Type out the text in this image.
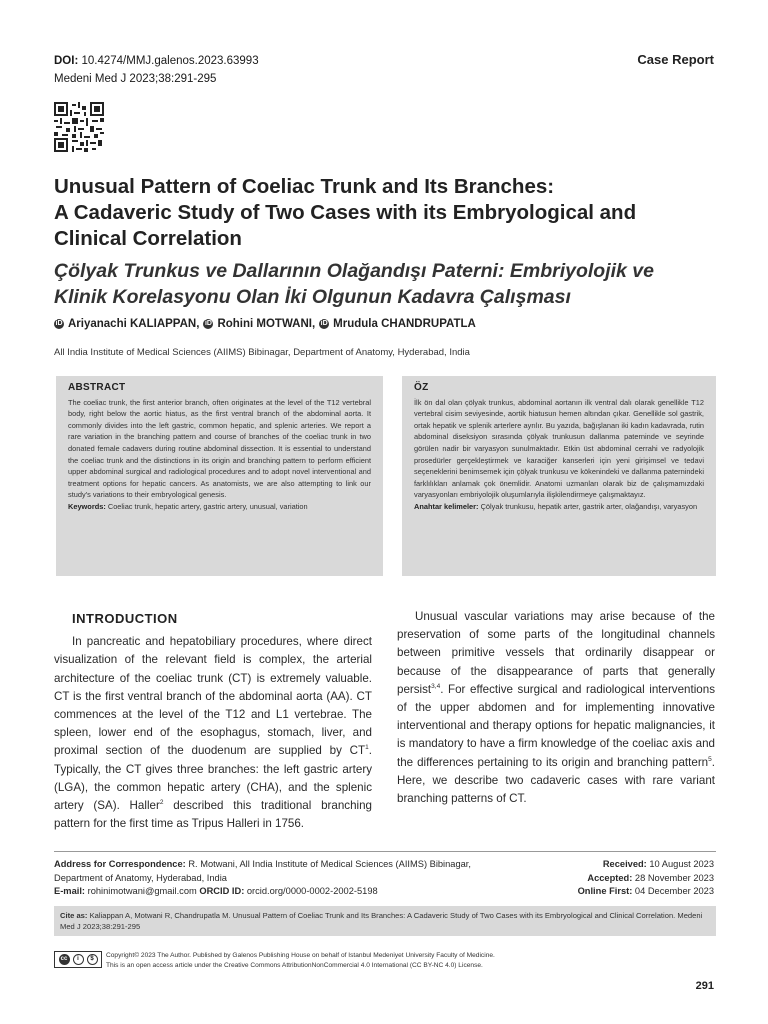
DOI: 10.4274/MMJ.galenos.2023.63993
Medeni Med J 2023;38:291-295
Case Report
Unusual Pattern of Coeliac Trunk and Its Branches:
A Cadaveric Study of Two Cases with its Embryological and
Clinical Correlation
Çölyak Trunkus ve Dallarının Olağandışı Paterni: Embriyolojik ve
Klinik Korelasyonu Olan İki Olgunun Kadavra Çalışması
iD Ariyanachi KALIAPPAN, iD Rohini MOTWANI, iD Mrudula CHANDRUPATLA
All India Institute of Medical Sciences (AIIMS) Bibinagar, Department of Anatomy, Hyderabad, India
ABSTRACT

The coeliac trunk, the first anterior branch, often originates at the level of the T12 vertebral body, right below the aortic hiatus, as the first ventral branch of the abdominal aorta. It commonly divides into the left gastric, common hepatic, and splenic arteries. We report a rare variation in the branching pattern and course of branches of the coeliac trunk in two donated female cadavers during routine abdominal dissection. It is essential to understand the coeliac trunk and the distinctions in its origin and branching pattern to perform efficient upper abdominal surgical and radiological procedures and to adopt novel interventional and treatment options for hepatic cancers. As anatomists, we are also attempting to link our study's variations to their embryological genesis.

Keywords: Coeliac trunk, hepatic artery, gastric artery, unusual, variation

ÖZ

İlk ön dal olan çölyak trunkus, abdominal aortanın ilk ventral dalı olarak genellikle T12 vertebral cisim seviyesinde, aortik hiatusun hemen altından çıkar. Genellikle sol gastrik, ortak hepatik ve splenik arterlere ayrılır. Bu yazıda, bağışlanan iki kadın kadavrada, rutin abdominal diseksiyon sırasında çölyak trunkusun dallanma paterninde ve seyrinde görülen nadir bir varyasyon sunulmaktadır. Etkin üst abdominal cerrahi ve radyolojik prosedürler gerçekleştirmek ve karaciğer kanserleri için yeni girişimsel ve tedavi seçeneklerini benimsemek için çölyak trunkusu ve kökenindeki ve dallanma paternindeki farklılıkları anlamak çok önemlidir. Anatomi uzmanları olarak biz de çalışmamızdaki varyasyonları embriyolojik oluşumlarıyla ilişkilendirmeye çalışmaktayız.

Anahtar kelimeler: Çölyak trunkusu, hepatik arter, gastrik arter, olağandışı, varyasyon

INTRODUCTION

In pancreatic and hepatobiliary procedures, where direct visualization of the relevant field is complex, the arterial architecture of the coeliac trunk (CT) is extremely valuable. CT is the first ventral branch of the abdominal aorta (AA). CT commences at the level of the T12 and L1 vertebrae. The spleen, lower end of the esophagus, stomach, liver, and proximal section of the duodenum are supplied by $CT^1$. Typically, the CT gives three branches: the left gastric artery (LGA), the common hepatic artery (CHA), and the splenic artery (SA). Haller$^2$ described this traditional branching pattern for the first time as Tripus Halleri in 1756.

Unusual vascular variations may arise because of the preservation of some parts of the longitudinal channels between primitive vessels that ordinarily disappear or because of the disappearance of parts that generally persist$^{3,4}$. For effective surgical and radiological interventions of the upper abdomen and for implementing innovative interventional and therapy options for hepatic malignancies, it is mandatory to have a firm knowledge of the coeliac axis and the differences pertaining to its origin and branching pattern$^5$. Here, we describe two cadaveric cases with rare variant branching patterns of CT.

Address for Correspondence: R. Motwani, All India Institute of Medical Sciences (AIIMS) Bibinagar, Department of Anatomy, Hyderabad, India
E-mail: rohinimotwani@gmail.com ORCID ID: orcid.org/0000-0002-2002-5198
Received: 10 August 2023
Accepted: 28 November 2023
Online First: 04 December 2023
Cite as: Kaliappan A, Motwani R, Chandrupatla M. Unusual Pattern of Coeliac Trunk and Its Branches: A Cadaveric Study of Two Cases with its Embryological and Clinical Correlation. Medeni Med J 2023;38:291-295
cc	i	$	Copyright© 2023 The Author. Published by Galenos Publishing House on behalf of Istanbul Medeniyet University Faculty of Medicine.
This is an open access article under the Creative Commons AttributionNonCommercial 4.0 International (CC BY-NC 4.0) License.
291
